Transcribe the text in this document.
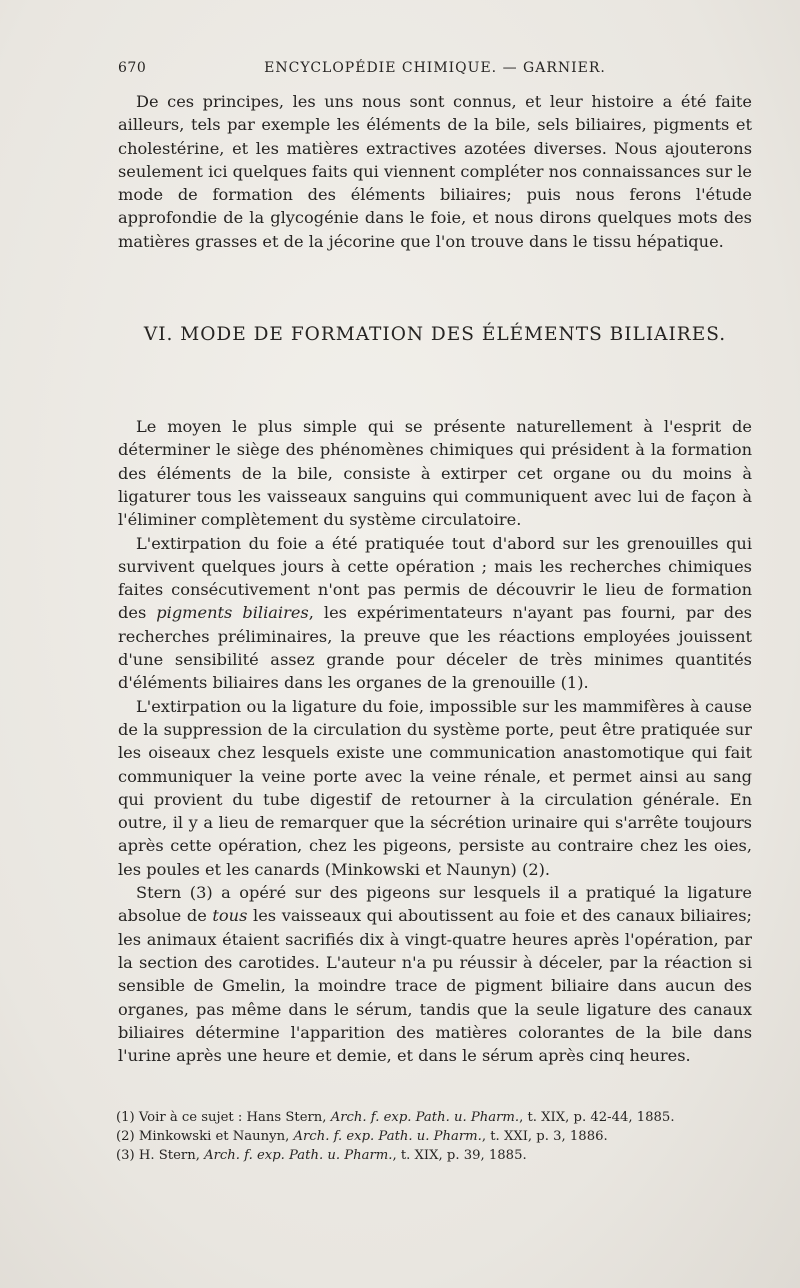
670	ENCYCLOPÉDIE CHIMIQUE. — GARNIER.

De ces principes, les uns nous sont connus, et leur histoire a été faite ailleurs, tels par exemple les éléments de la bile, sels biliaires, pigments et cholestérine, et les matières extractives azotées diverses. Nous ajouterons seulement ici quelques faits qui viennent compléter nos connaissances sur le mode de formation des éléments biliaires; puis nous ferons l'étude approfondie de la glycogénie dans le foie, et nous dirons quelques mots des matières grasses et de la jécorine que l'on trouve dans le tissu hépatique.

VI. MODE DE FORMATION DES ÉLÉMENTS BILIAIRES.

Le moyen le plus simple qui se présente naturellement à l'esprit de déterminer le siège des phénomènes chimiques qui président à la formation des éléments de la bile, consiste à extirper cet organe ou du moins à ligaturer tous les vaisseaux sanguins qui communiquent avec lui de façon à l'éliminer complètement du système circulatoire.

L'extirpation du foie a été pratiquée tout d'abord sur les grenouilles qui survivent quelques jours à cette opération ; mais les recherches chimiques faites consécutivement n'ont pas permis de découvrir le lieu de formation des pigments biliaires, les expérimentateurs n'ayant pas fourni, par des recherches préliminaires, la preuve que les réactions employées jouissent d'une sensibilité assez grande pour déceler de très minimes quantités d'éléments biliaires dans les organes de la grenouille (1).

L'extirpation ou la ligature du foie, impossible sur les mammifères à cause de la suppression de la circulation du système porte, peut être pratiquée sur les oiseaux chez lesquels existe une communication anastomotique qui fait communiquer la veine porte avec la veine rénale, et permet ainsi au sang qui provient du tube digestif de retourner à la circulation générale. En outre, il y a lieu de remarquer que la sécrétion urinaire qui s'arrête toujours après cette opération, chez les pigeons, persiste au contraire chez les oies, les poules et les canards (Minkowski et Naunyn) (2).

Stern (3) a opéré sur des pigeons sur lesquels il a pratiqué la ligature absolue de tous les vaisseaux qui aboutissent au foie et des canaux biliaires; les animaux étaient sacrifiés dix à vingt-quatre heures après l'opération, par la section des carotides. L'auteur n'a pu réussir à déceler, par la réaction si sensible de Gmelin, la moindre trace de pigment biliaire dans aucun des organes, pas même dans le sérum, tandis que la seule ligature des canaux biliaires détermine l'apparition des matières colorantes de la bile dans l'urine après une heure et demie, et dans le sérum après cinq heures.

(1) Voir à ce sujet : Hans Stern, Arch. f. exp. Path. u. Pharm., t. XIX, p. 42-44, 1885.
(2) Minkowski et Naunyn, Arch. f. exp. Path. u. Pharm., t. XXI, p. 3, 1886.
(3) H. Stern, Arch. f. exp. Path. u. Pharm., t. XIX, p. 39, 1885.
